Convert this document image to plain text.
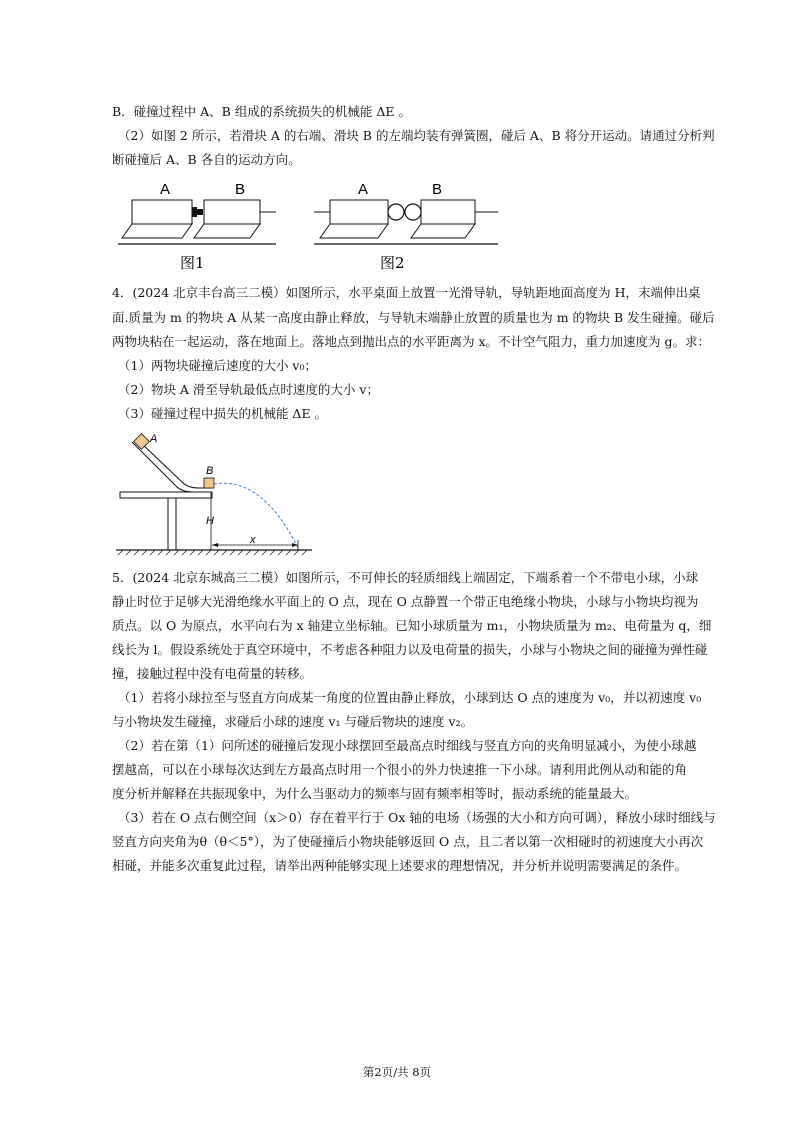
B．碰撞过程中 A、B 组成的系统损失的机械能 ΔE 。
（2）如图 2 所示，若滑块 A 的右端、滑块 B 的左端均装有弹簧圈，碰后 A、B 将分开运动。请通过分析判
断碰撞后 A、B 各自的运动方向。
A	B
图1
A	B
图2
4．(2024 北京丰台高三二模）如图所示，水平桌面上放置一光滑导轨，导轨距地面高度为 H，末端伸出桌
面.质量为 m 的物块 A 从某一高度由静止释放，与导轨末端静止放置的质量也为 m 的物块 B 发生碰撞。碰后
两物块粘在一起运动，落在地面上。落地点到抛出点的水平距离为 x。不计空气阻力，重力加速度为 g。求：
（1）两物块碰撞后速度的大小 v₀；
（2）物块 A 滑至导轨最低点时速度的大小 v；
（3）碰撞过程中损失的机械能 ΔE 。
A
B
H
x
5．(2024 北京东城高三二模）如图所示，不可伸长的轻质细线上端固定，下端系着一个不带电小球，小球
静止时位于足够大光滑绝缘水平面上的 O 点，现在 O 点静置一个带正电绝缘小物块，小球与小物块均视为
质点。以 O 为原点，水平向右为 x 轴建立坐标轴。已知小球质量为 m₁，小物块质量为 m₂、电荷量为 q，细
线长为 l。假设系统处于真空环境中，不考虑各种阻力以及电荷量的损失，小球与小物块之间的碰撞为弹性碰
撞，接触过程中没有电荷量的转移。
（1）若将小球拉至与竖直方向成某一角度的位置由静止释放，小球到达 O 点的速度为 v₀，并以初速度 v₀
与小物块发生碰撞，求碰后小球的速度 v₁ 与碰后物块的速度 v₂。
（2）若在第（1）问所述的碰撞后发现小球摆回至最高点时细线与竖直方向的夹角明显减小，为使小球越
摆越高，可以在小球每次达到左方最高点时用一个很小的外力快速推一下小球。请利用此例从动和能的角
度分析并解释在共振现象中，为什么当驱动力的频率与固有频率相等时，振动系统的能量最大。
（3）若在 O 点右侧空间（x＞0）存在着平行于 Ox 轴的电场（场强的大小和方向可调），释放小球时细线与
竖直方向夹角为θ（θ＜5°），为了使碰撞后小物块能够返回 O 点，且二者以第一次相碰时的初速度大小再次
相碰，并能多次重复此过程，请举出两种能够实现上述要求的理想情况，并分析并说明需要满足的条件。
第2页/共 8页
